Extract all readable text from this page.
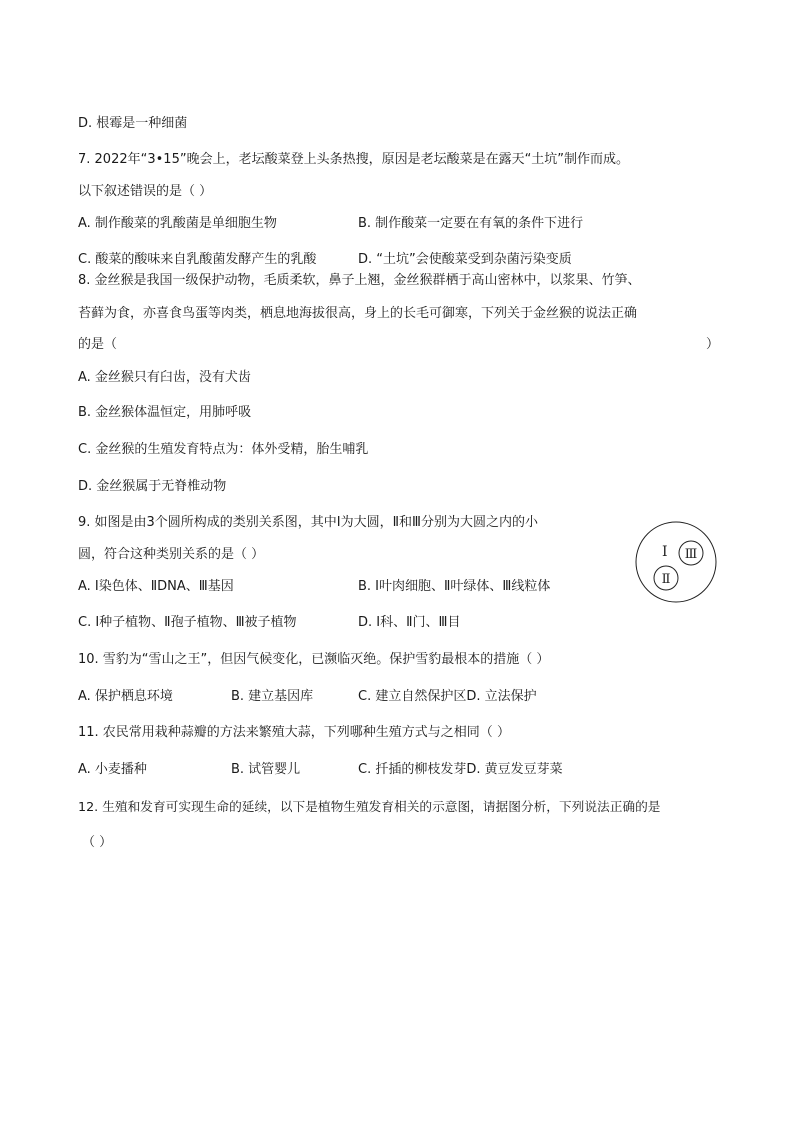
D. 根霉是一种细菌
7. 2022年“3•15”晚会上，老坛酸菜登上头条热搜，原因是老坛酸菜是在露天“土坑”制作而成。
以下叙述错误的是（ ）
A. 制作酸菜的乳酸菌是单细胞生物	B. 制作酸菜一定要在有氧的条件下进行
C. 酸菜的酸味来自乳酸菌发酵产生的乳酸	D. “土坑”会使酸菜受到杂菌污染变质
8. 金丝猴是我国一级保护动物，毛质柔软，鼻子上翘，金丝猴群栖于高山密林中，以浆果、竹笋、
苔藓为食，亦喜食鸟蛋等肉类，栖息地海拔很高，身上的长毛可御寒，下列关于金丝猴的说法正确
的是（	）
A. 金丝猴只有臼齿，没有犬齿
B. 金丝猴体温恒定，用肺呼吸
C. 金丝猴的生殖发育特点为：体外受精，胎生哺乳
D. 金丝猴属于无脊椎动物
9. 如图是由3个圆所构成的类别关系图，其中Ⅰ为大圆，Ⅱ和Ⅲ分别为大圆之内的小
圆，符合这种类别关系的是（ ）
A. Ⅰ染色体、ⅡDNA、Ⅲ基因	B. Ⅰ叶肉细胞、Ⅱ叶绿体、Ⅲ线粒体
C. Ⅰ种子植物、Ⅱ孢子植物、Ⅲ被子植物	D. Ⅰ科、Ⅱ门、Ⅲ目
Ⅰ Ⅲ
Ⅱ
10. 雪豹为“雪山之王”，但因气候变化，已濒临灭绝。保护雪豹最根本的措施（ ）
A. 保护栖息环境	B. 建立基因库	C. 建立自然保护区D. 立法保护
11. 农民常用栽种蒜瓣的方法来繁殖大蒜，下列哪种生殖方式与之相同（ ）
A. 小麦播种	B. 试管婴儿	C. 扦插的柳枝发芽D. 黄豆发豆芽菜
12. 生殖和发育可实现生命的延续，以下是植物生殖发育相关的示意图，请据图分析，下列说法正确的是
（ ）
